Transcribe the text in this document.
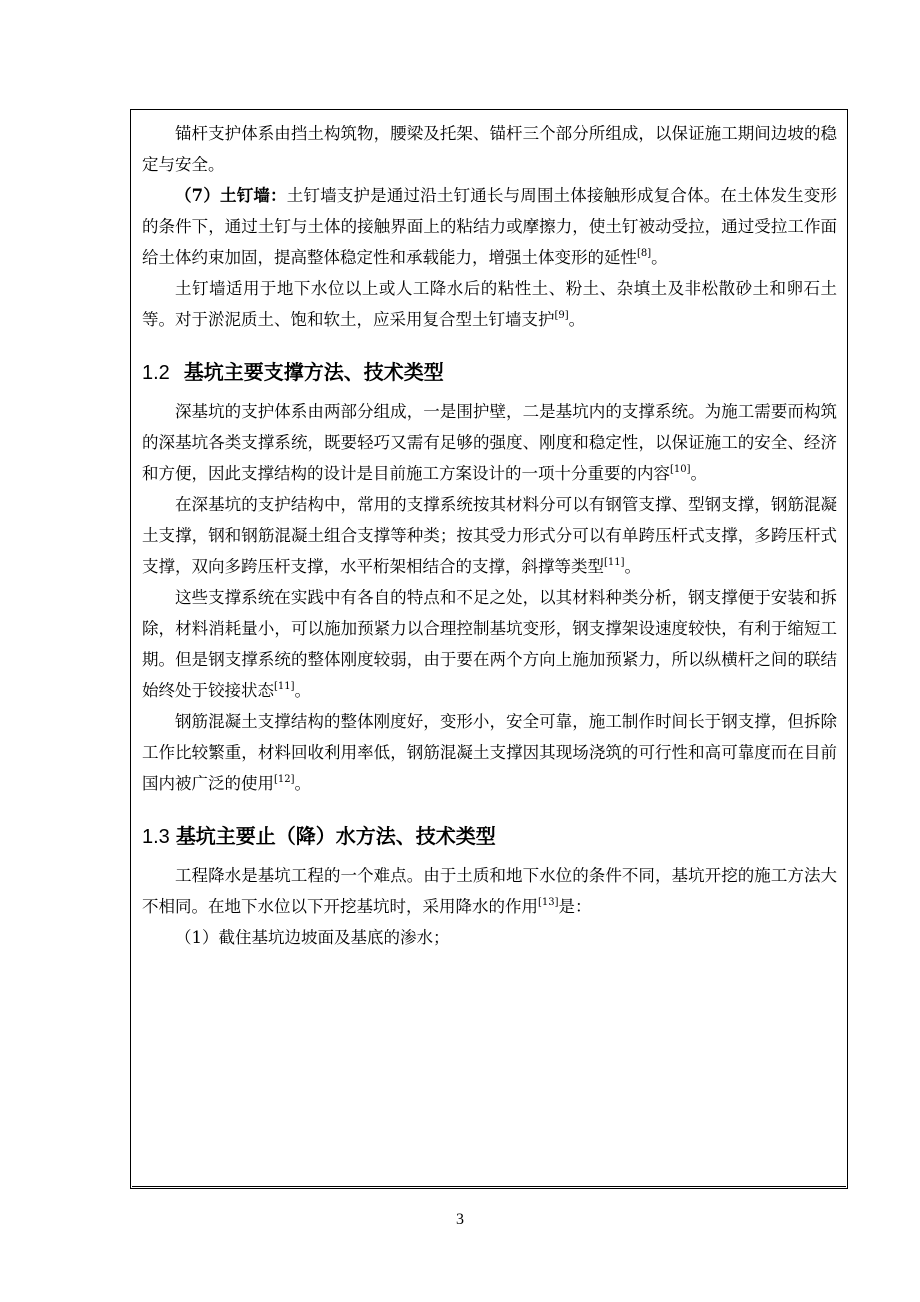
锚杆支护体系由挡土构筑物，腰梁及托架、锚杆三个部分所组成，以保证施工期间边坡的稳定与安全。

（7）土钉墙：土钉墙支护是通过沿土钉通长与周围土体接触形成复合体。在土体发生变形的条件下，通过土钉与土体的接触界面上的粘结力或摩擦力，使土钉被动受拉，通过受拉工作面给土体约束加固，提高整体稳定性和承载能力，增强土体变形的延性[8]。

土钉墙适用于地下水位以上或人工降水后的粘性土、粉土、杂填土及非松散砂土和卵石土等。对于淤泥质土、饱和软土，应采用复合型土钉墙支护[9]。

1.2 基坑主要支撑方法、技术类型

深基坑的支护体系由两部分组成，一是围护壁，二是基坑内的支撑系统。为施工需要而构筑的深基坑各类支撑系统，既要轻巧又需有足够的强度、刚度和稳定性，以保证施工的安全、经济和方便，因此支撑结构的设计是目前施工方案设计的一项十分重要的内容[10]。

在深基坑的支护结构中，常用的支撑系统按其材料分可以有钢管支撑、型钢支撑，钢筋混凝土支撑，钢和钢筋混凝土组合支撑等种类；按其受力形式分可以有单跨压杆式支撑，多跨压杆式支撑，双向多跨压杆支撑，水平桁架相结合的支撑，斜撑等类型[11]。

这些支撑系统在实践中有各自的特点和不足之处，以其材料种类分析，钢支撑便于安装和拆除，材料消耗量小，可以施加预紧力以合理控制基坑变形，钢支撑架设速度较快，有利于缩短工期。但是钢支撑系统的整体刚度较弱，由于要在两个方向上施加预紧力，所以纵横杆之间的联结始终处于铰接状态[11]。

钢筋混凝土支撑结构的整体刚度好，变形小，安全可靠，施工制作时间长于钢支撑，但拆除工作比较繁重，材料回收利用率低，钢筋混凝土支撑因其现场浇筑的可行性和高可靠度而在目前国内被广泛的使用[12]。

1.3 基坑主要止（降）水方法、技术类型

工程降水是基坑工程的一个难点。由于土质和地下水位的条件不同，基坑开挖的施工方法大不相同。在地下水位以下开挖基坑时，采用降水的作用[13]是：

（1）截住基坑边坡面及基底的渗水；

3
